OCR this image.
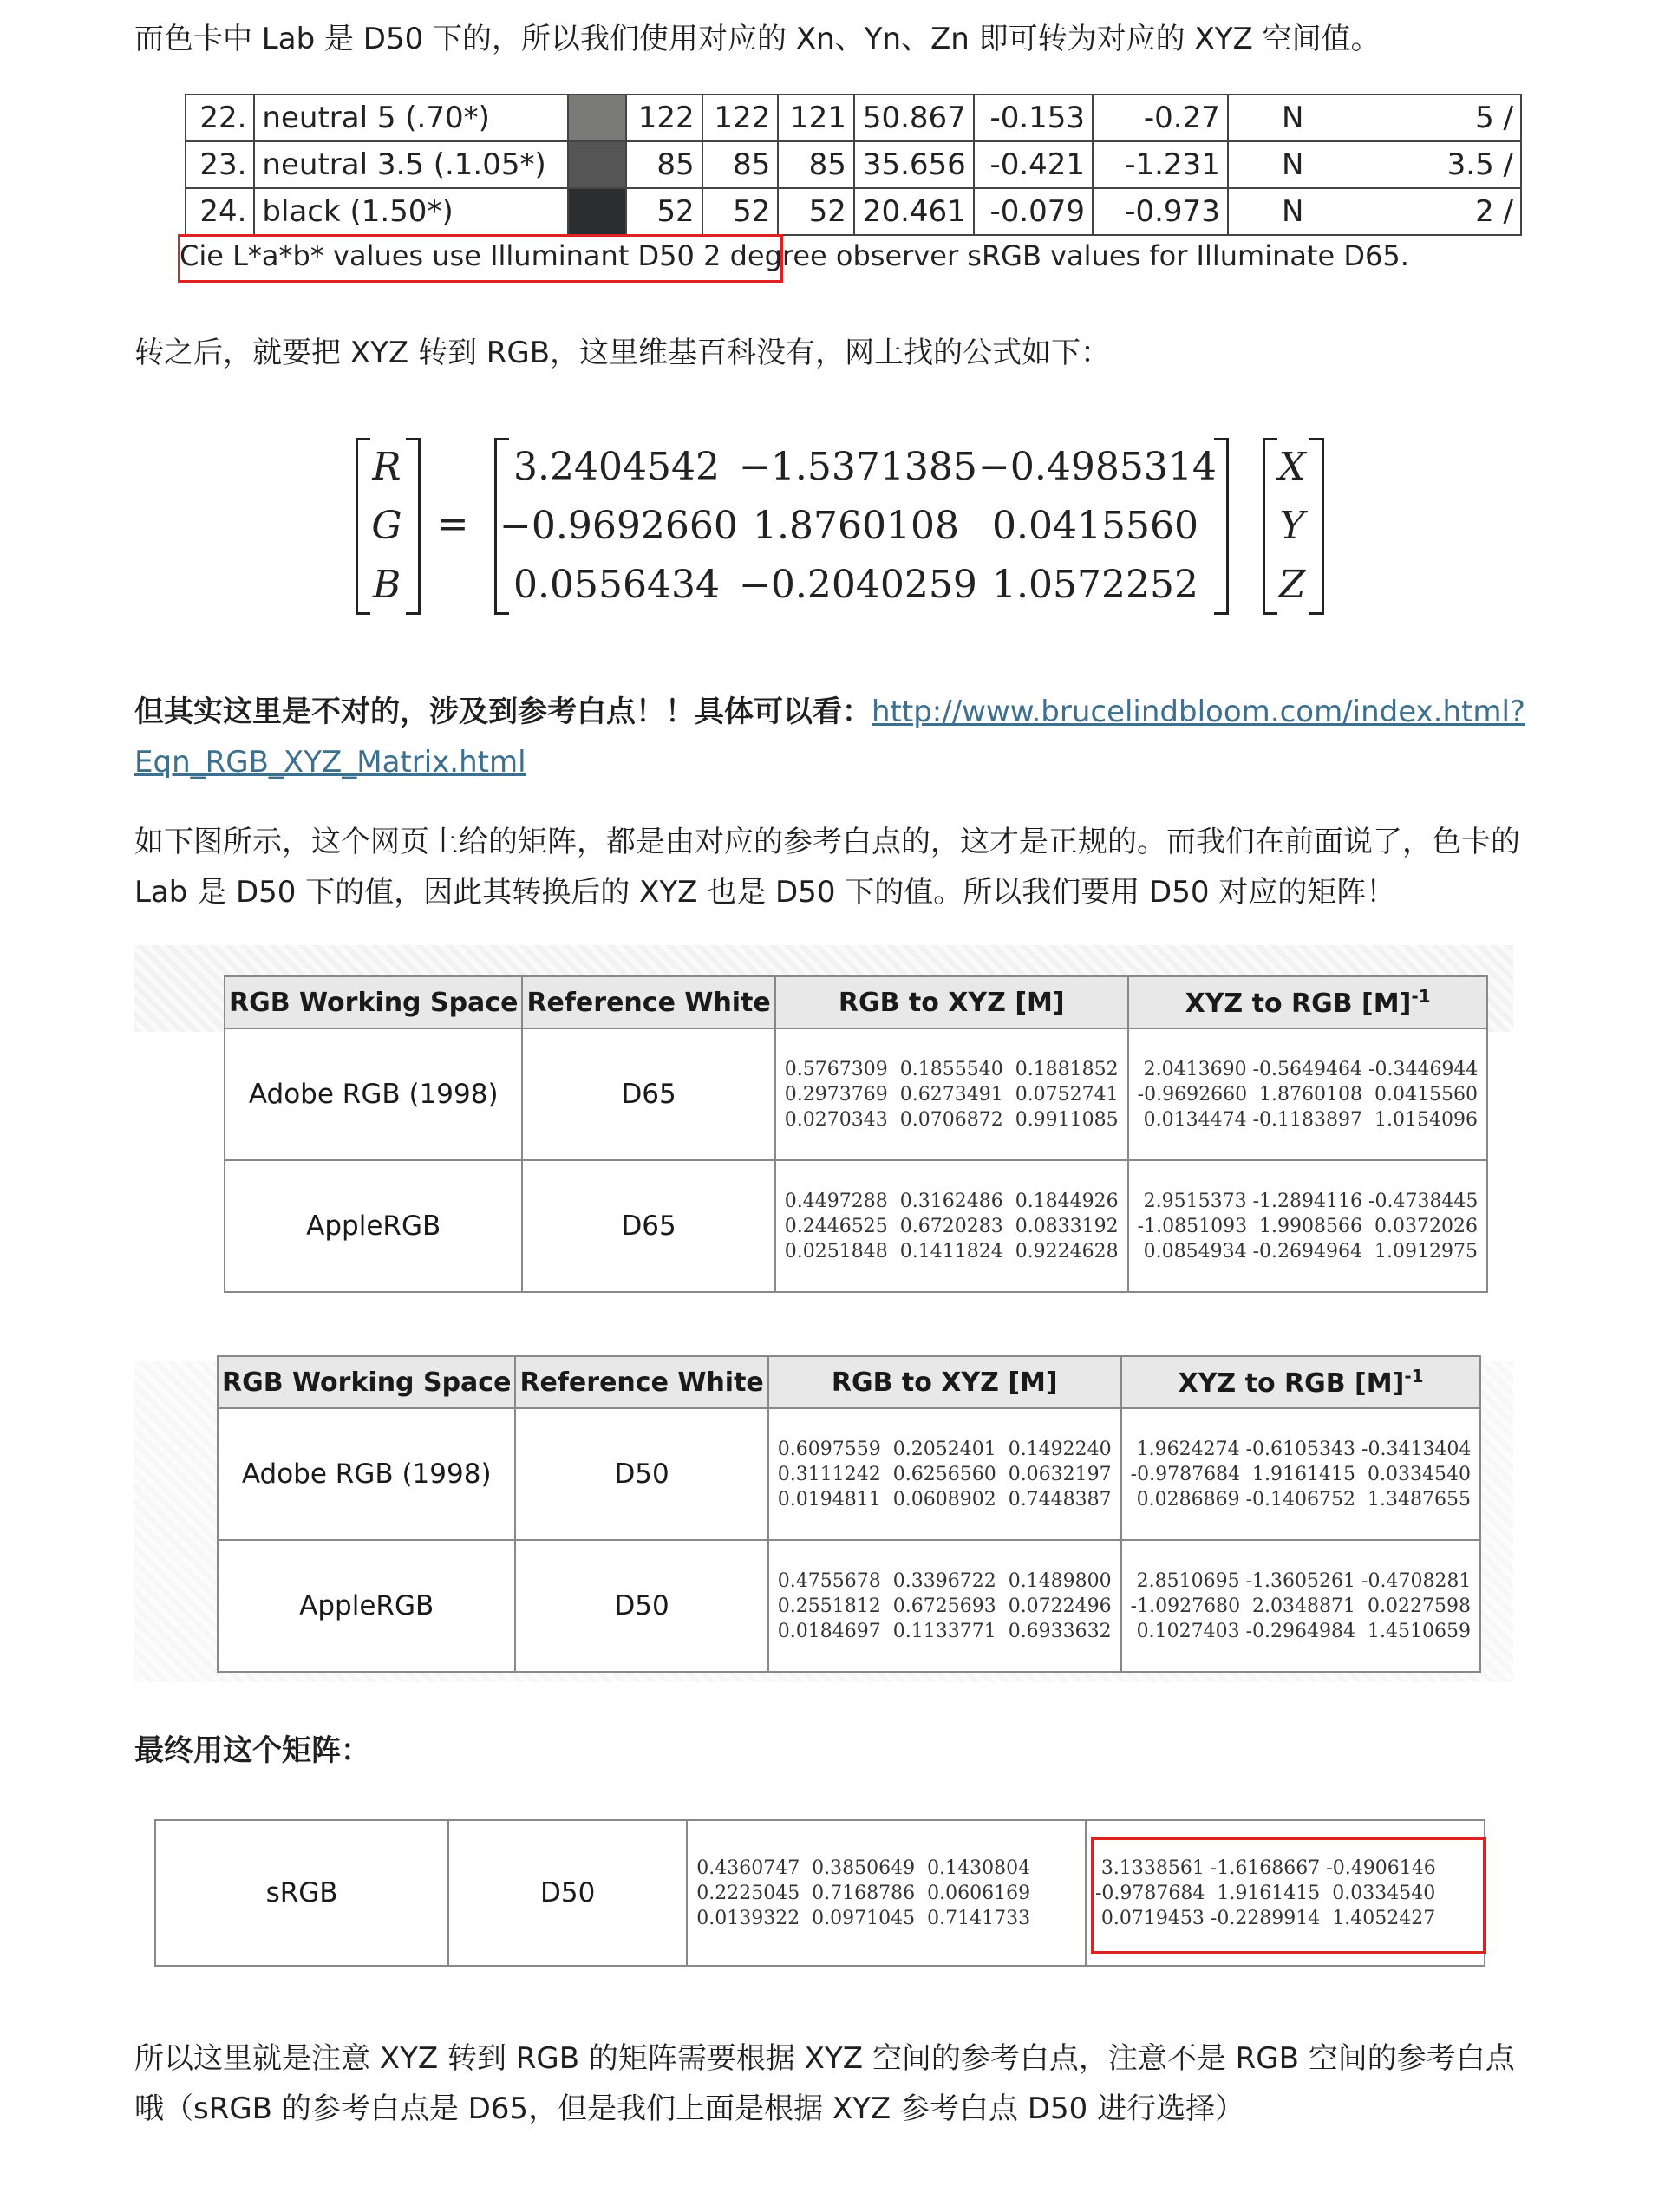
而色卡中 Lab 是 D50 下的，所以我们使用对应的 Xn、Yn、Zn 即可转为对应的 XYZ 空间值。
22.	neutral 5 (.70*)		122	122	121	50.867	-0.153	-0.27	N	5 /
23.	neutral 3.5 (.1.05*)		85	85	85	35.656	-0.421	-1.231	N	3.5 /
24.	black (1.50*)		52	52	52	20.461	-0.079	-0.973	N	2 /
Cie L*a*b* values use Illuminant D50 2 degree observer sRGB values for Illuminate D65.
转之后，就要把 XYZ 转到 RGB，这里维基百科没有，网上找的公式如下：
R
G
B
=
3.2404542 −1.5371385 −0.4985314
−0.9692660 1.8760108 0.0415560
0.0556434 −0.2040259 1.0572252
X
Y
Z
但其实这里是不对的，涉及到参考白点！！具体可以看：http://www.brucelindbloom.com/index.html?Eqn_RGB_XYZ_Matrix.html
如下图所示，这个网页上给的矩阵，都是由对应的参考白点的，这才是正规的。而我们在前面说了，色卡的 Lab 是 D50 下的值，因此其转换后的 XYZ 也是 D50 下的值。所以我们要用 D50 对应的矩阵！
RGB Working Space	Reference White	RGB to XYZ [M]	XYZ to RGB $[M]^{-1}$
Adobe RGB (1998)	D65	0.5767309  0.1855540  0.1881852
0.2973769  0.6273491  0.0752741
0.0270343  0.0706872  0.9911085	2.0413690 -0.5649464 -0.3446944
-0.9692660  1.8760108  0.0415560
0.0134474 -0.1183897  1.0154096
AppleRGB	D65	0.4497288  0.3162486  0.1844926
0.2446525  0.6720283  0.0833192
0.0251848  0.1411824  0.9224628	2.9515373 -1.2894116 -0.4738445
-1.0851093  1.9908566  0.0372026
0.0854934 -0.2694964  1.0912975
RGB Working Space	Reference White	RGB to XYZ [M]	XYZ to RGB $[M]^{-1}$
Adobe RGB (1998)	D50	0.6097559  0.2052401  0.1492240
0.3111242  0.6256560  0.0632197
0.0194811  0.0608902  0.7448387	1.9624274 -0.6105343 -0.3413404
-0.9787684  1.9161415  0.0334540
0.0286869 -0.1406752  1.3487655
AppleRGB	D50	0.4755678  0.3396722  0.1489800
0.2551812  0.6725693  0.0722496
0.0184697  0.1133771  0.6933632	2.8510695 -1.3605261 -0.4708281
-1.0927680  2.0348871  0.0227598
0.1027403 -0.2964984  1.4510659
最终用这个矩阵：
sRGB	D50	0.4360747  0.3850649  0.1430804
0.2225045  0.7168786  0.0606169
0.0139322  0.0971045  0.7141733	3.1338561 -1.6168667 -0.4906146
-0.9787684  1.9161415  0.0334540
0.0719453 -0.2289914  1.4052427
所以这里就是注意 XYZ 转到 RGB 的矩阵需要根据 XYZ 空间的参考白点，注意不是 RGB 空间的参考白点哦（sRGB 的参考白点是 D65，但是我们上面是根据 XYZ 参考白点 D50 进行选择）
